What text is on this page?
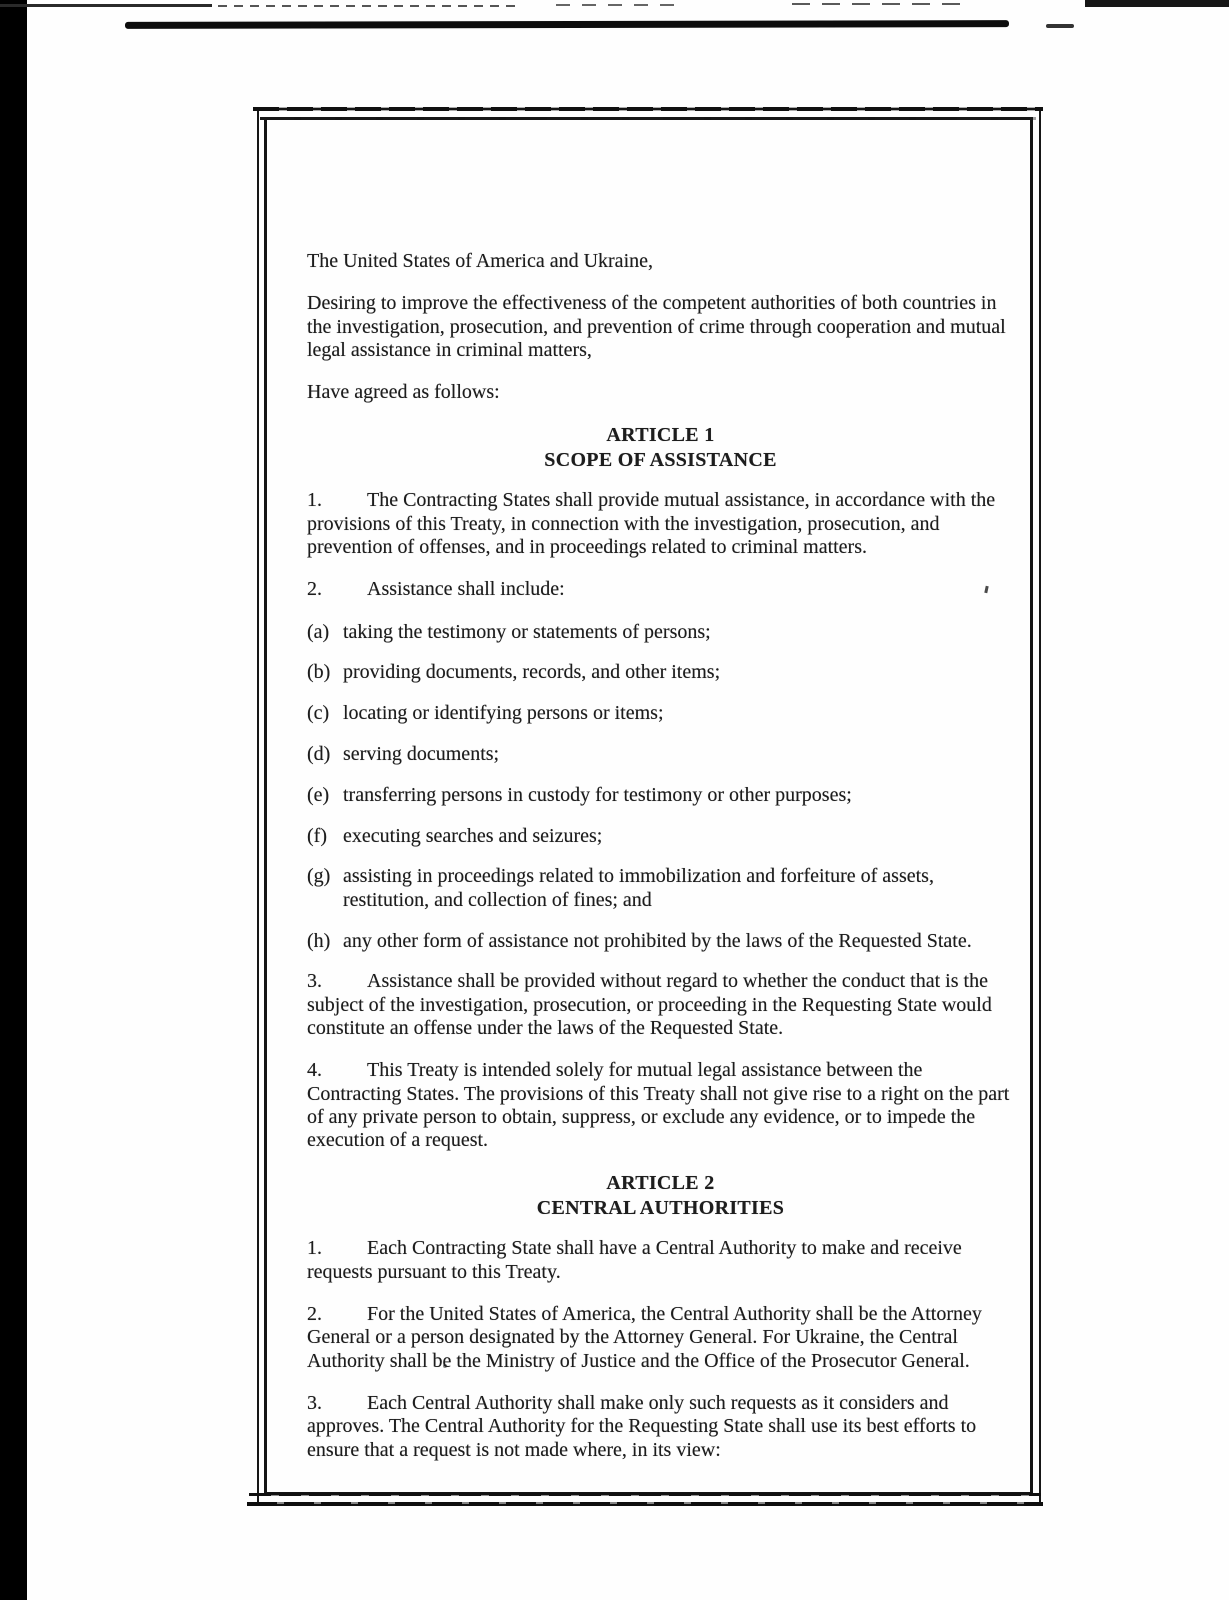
The United States of America and Ukraine,

Desiring to improve the effectiveness of the competent authorities of both countries in the investigation, prosecution, and prevention of crime through cooperation and mutual legal assistance in criminal matters,

Have agreed as follows:

ARTICLE 1
SCOPE OF ASSISTANCE

1. The Contracting States shall provide mutual assistance, in accordance with the provisions of this Treaty, in connection with the investigation, prosecution, and prevention of offenses, and in proceedings related to criminal matters.

2. Assistance shall include:

(a) taking the testimony or statements of persons;
(b) providing documents, records, and other items;
(c) locating or identifying persons or items;
(d) serving documents;
(e) transferring persons in custody for testimony or other purposes;
(f) executing searches and seizures;
(g) assisting in proceedings related to immobilization and forfeiture of assets, restitution, and collection of fines; and
(h) any other form of assistance not prohibited by the laws of the Requested State.

3. Assistance shall be provided without regard to whether the conduct that is the subject of the investigation, prosecution, or proceeding in the Requesting State would constitute an offense under the laws of the Requested State.

4. This Treaty is intended solely for mutual legal assistance between the Contracting States. The provisions of this Treaty shall not give rise to a right on the part of any private person to obtain, suppress, or exclude any evidence, or to impede the execution of a request.

ARTICLE 2
CENTRAL AUTHORITIES

1. Each Contracting State shall have a Central Authority to make and receive requests pursuant to this Treaty.

2. For the United States of America, the Central Authority shall be the Attorney General or a person designated by the Attorney General. For Ukraine, the Central Authority shall be the Ministry of Justice and the Office of the Prosecutor General.

3. Each Central Authority shall make only such requests as it considers and approves. The Central Authority for the Requesting State shall use its best efforts to ensure that a request is not made where, in its view:
